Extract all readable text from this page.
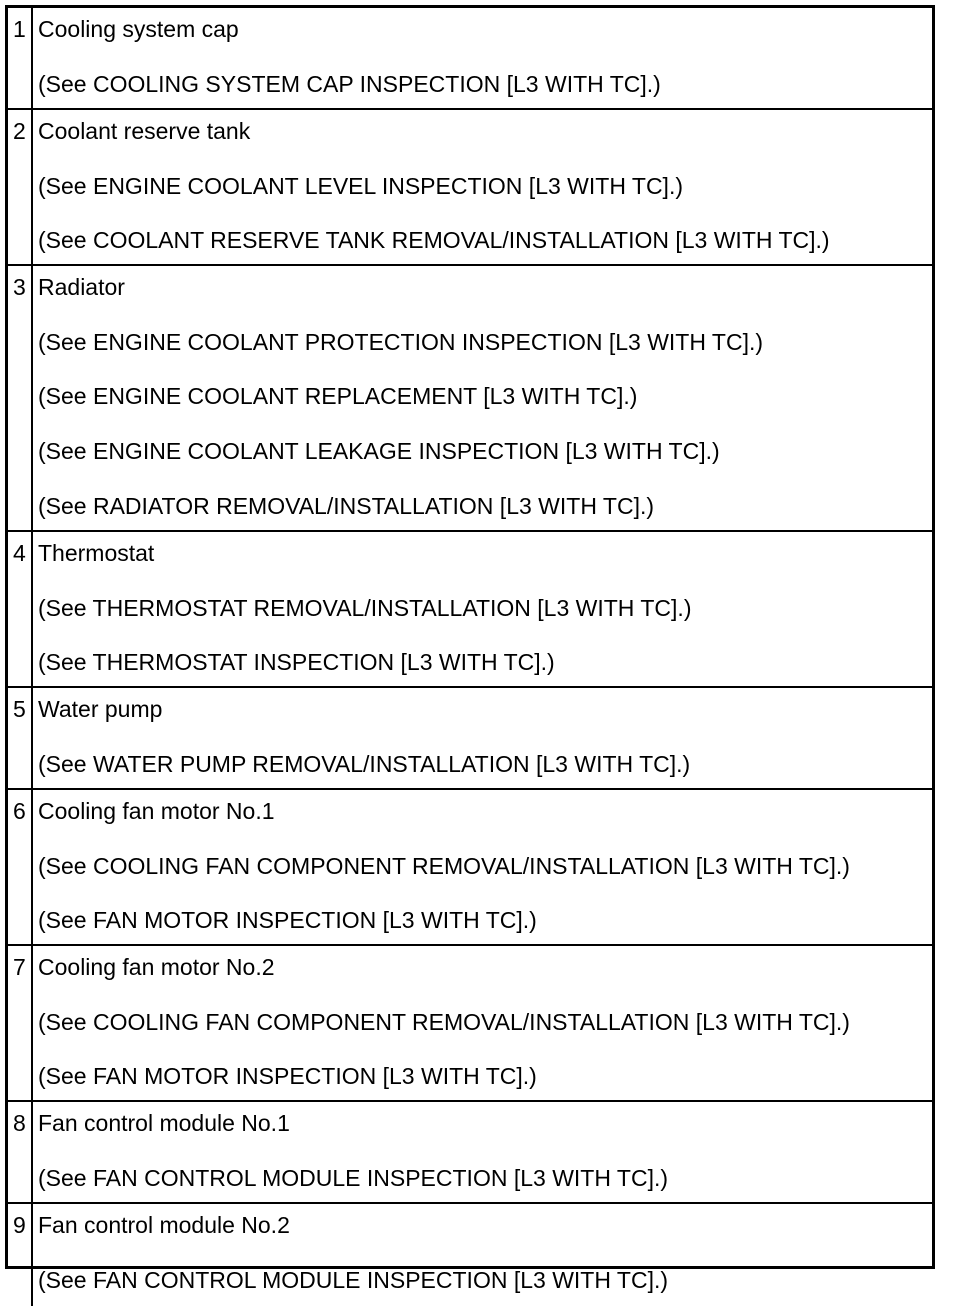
1 Cooling system cap
(See COOLING SYSTEM CAP INSPECTION [L3 WITH TC].)
2 Coolant reserve tank
(See ENGINE COOLANT LEVEL INSPECTION [L3 WITH TC].)
(See COOLANT RESERVE TANK REMOVAL/INSTALLATION [L3 WITH TC].)
3 Radiator
(See ENGINE COOLANT PROTECTION INSPECTION [L3 WITH TC].)
(See ENGINE COOLANT REPLACEMENT [L3 WITH TC].)
(See ENGINE COOLANT LEAKAGE INSPECTION [L3 WITH TC].)
(See RADIATOR REMOVAL/INSTALLATION [L3 WITH TC].)
4 Thermostat
(See THERMOSTAT REMOVAL/INSTALLATION [L3 WITH TC].)
(See THERMOSTAT INSPECTION [L3 WITH TC].)
5 Water pump
(See WATER PUMP REMOVAL/INSTALLATION [L3 WITH TC].)
6 Cooling fan motor No.1
(See COOLING FAN COMPONENT REMOVAL/INSTALLATION [L3 WITH TC].)
(See FAN MOTOR INSPECTION [L3 WITH TC].)
7 Cooling fan motor No.2
(See COOLING FAN COMPONENT REMOVAL/INSTALLATION [L3 WITH TC].)
(See FAN MOTOR INSPECTION [L3 WITH TC].)
8 Fan control module No.1
(See FAN CONTROL MODULE INSPECTION [L3 WITH TC].)
9 Fan control module No.2
(See FAN CONTROL MODULE INSPECTION [L3 WITH TC].)
